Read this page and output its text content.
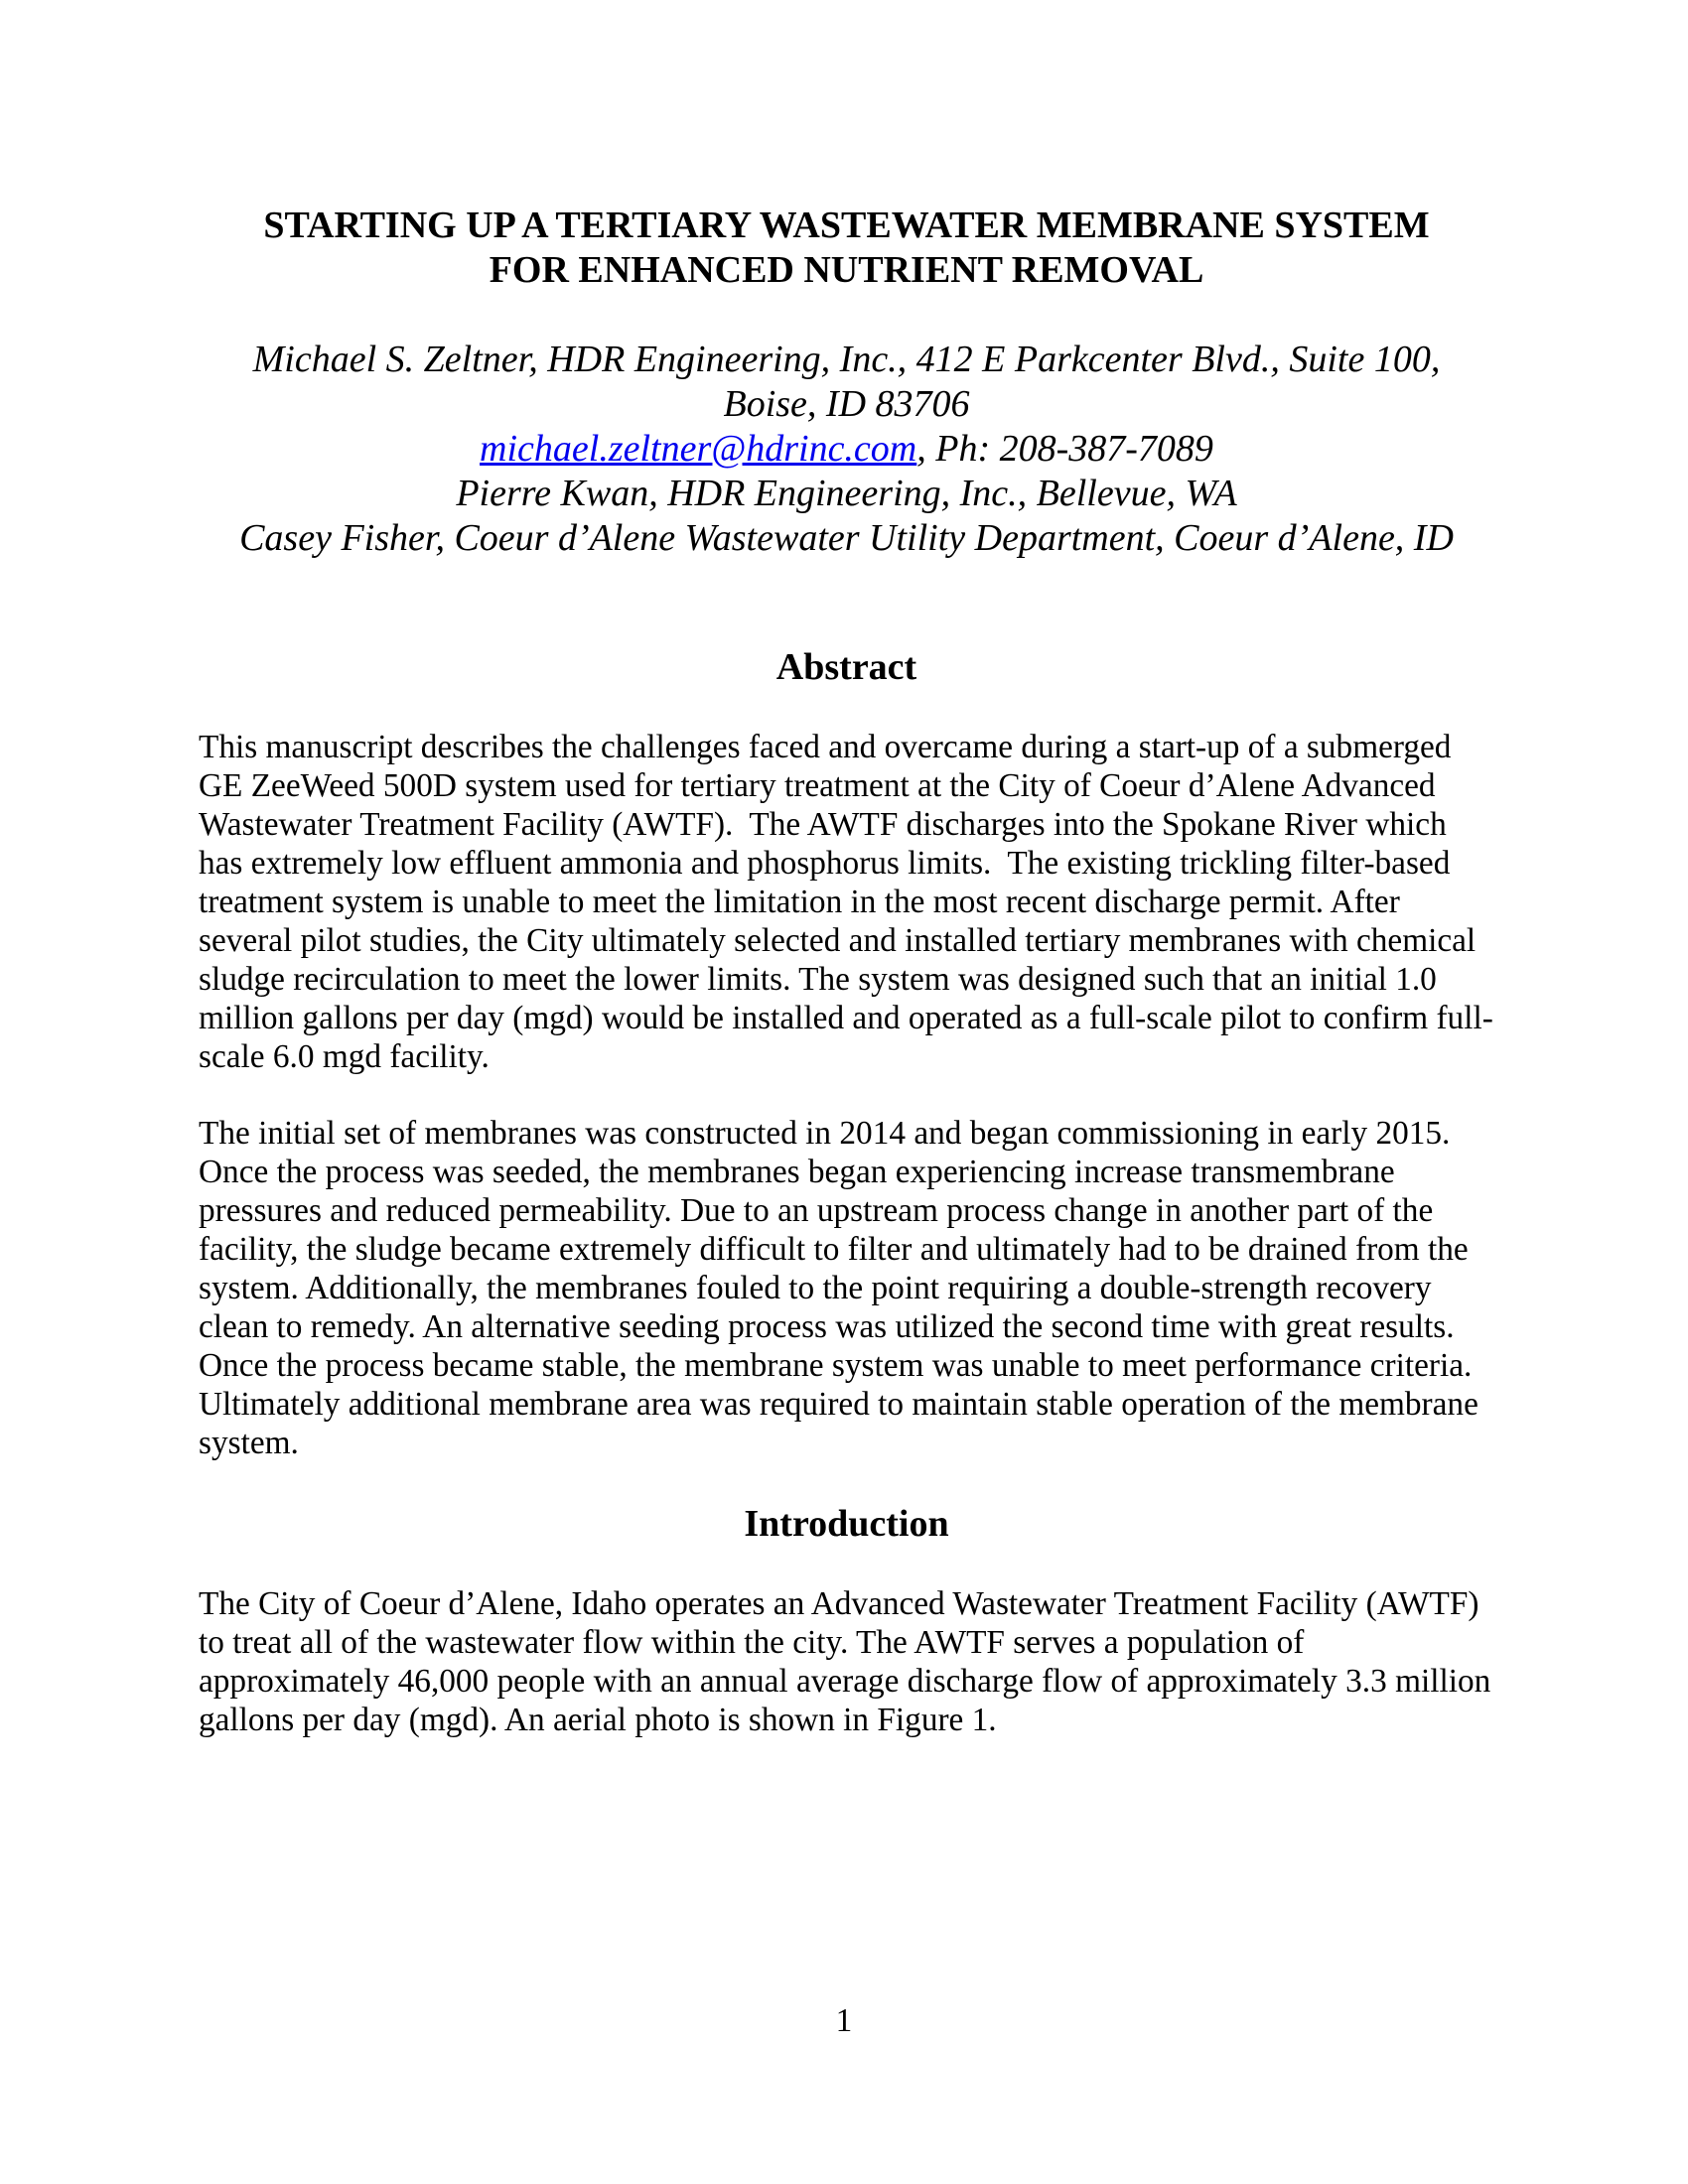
STARTING UP A TERTIARY WASTEWATER MEMBRANE SYSTEM
FOR ENHANCED NUTRIENT REMOVAL
Michael S. Zeltner, HDR Engineering, Inc., 412 E Parkcenter Blvd., Suite 100,
Boise, ID 83706
michael.zeltner@hdrinc.com, Ph: 208-387-7089
Pierre Kwan, HDR Engineering, Inc., Bellevue, WA
Casey Fisher, Coeur d’Alene Wastewater Utility Department, Coeur d’Alene, ID
Abstract

This manuscript describes the challenges faced and overcame during a start-up of a submerged GE ZeeWeed 500D system used for tertiary treatment at the City of Coeur d’Alene Advanced Wastewater Treatment Facility (AWTF).  The AWTF discharges into the Spokane River which has extremely low effluent ammonia and phosphorus limits.  The existing trickling filter-based treatment system is unable to meet the limitation in the most recent discharge permit. After several pilot studies, the City ultimately selected and installed tertiary membranes with chemical sludge recirculation to meet the lower limits. The system was designed such that an initial 1.0 million gallons per day (mgd) would be installed and operated as a full-scale pilot to confirm full-scale 6.0 mgd facility.

The initial set of membranes was constructed in 2014 and began commissioning in early 2015. Once the process was seeded, the membranes began experiencing increase transmembrane pressures and reduced permeability. Due to an upstream process change in another part of the facility, the sludge became extremely difficult to filter and ultimately had to be drained from the system. Additionally, the membranes fouled to the point requiring a double-strength recovery clean to remedy. An alternative seeding process was utilized the second time with great results. Once the process became stable, the membrane system was unable to meet performance criteria. Ultimately additional membrane area was required to maintain stable operation of the membrane system.

Introduction

The City of Coeur d’Alene, Idaho operates an Advanced Wastewater Treatment Facility (AWTF) to treat all of the wastewater flow within the city. The AWTF serves a population of approximately 46,000 people with an annual average discharge flow of approximately 3.3 million gallons per day (mgd). An aerial photo is shown in Figure 1.

1
